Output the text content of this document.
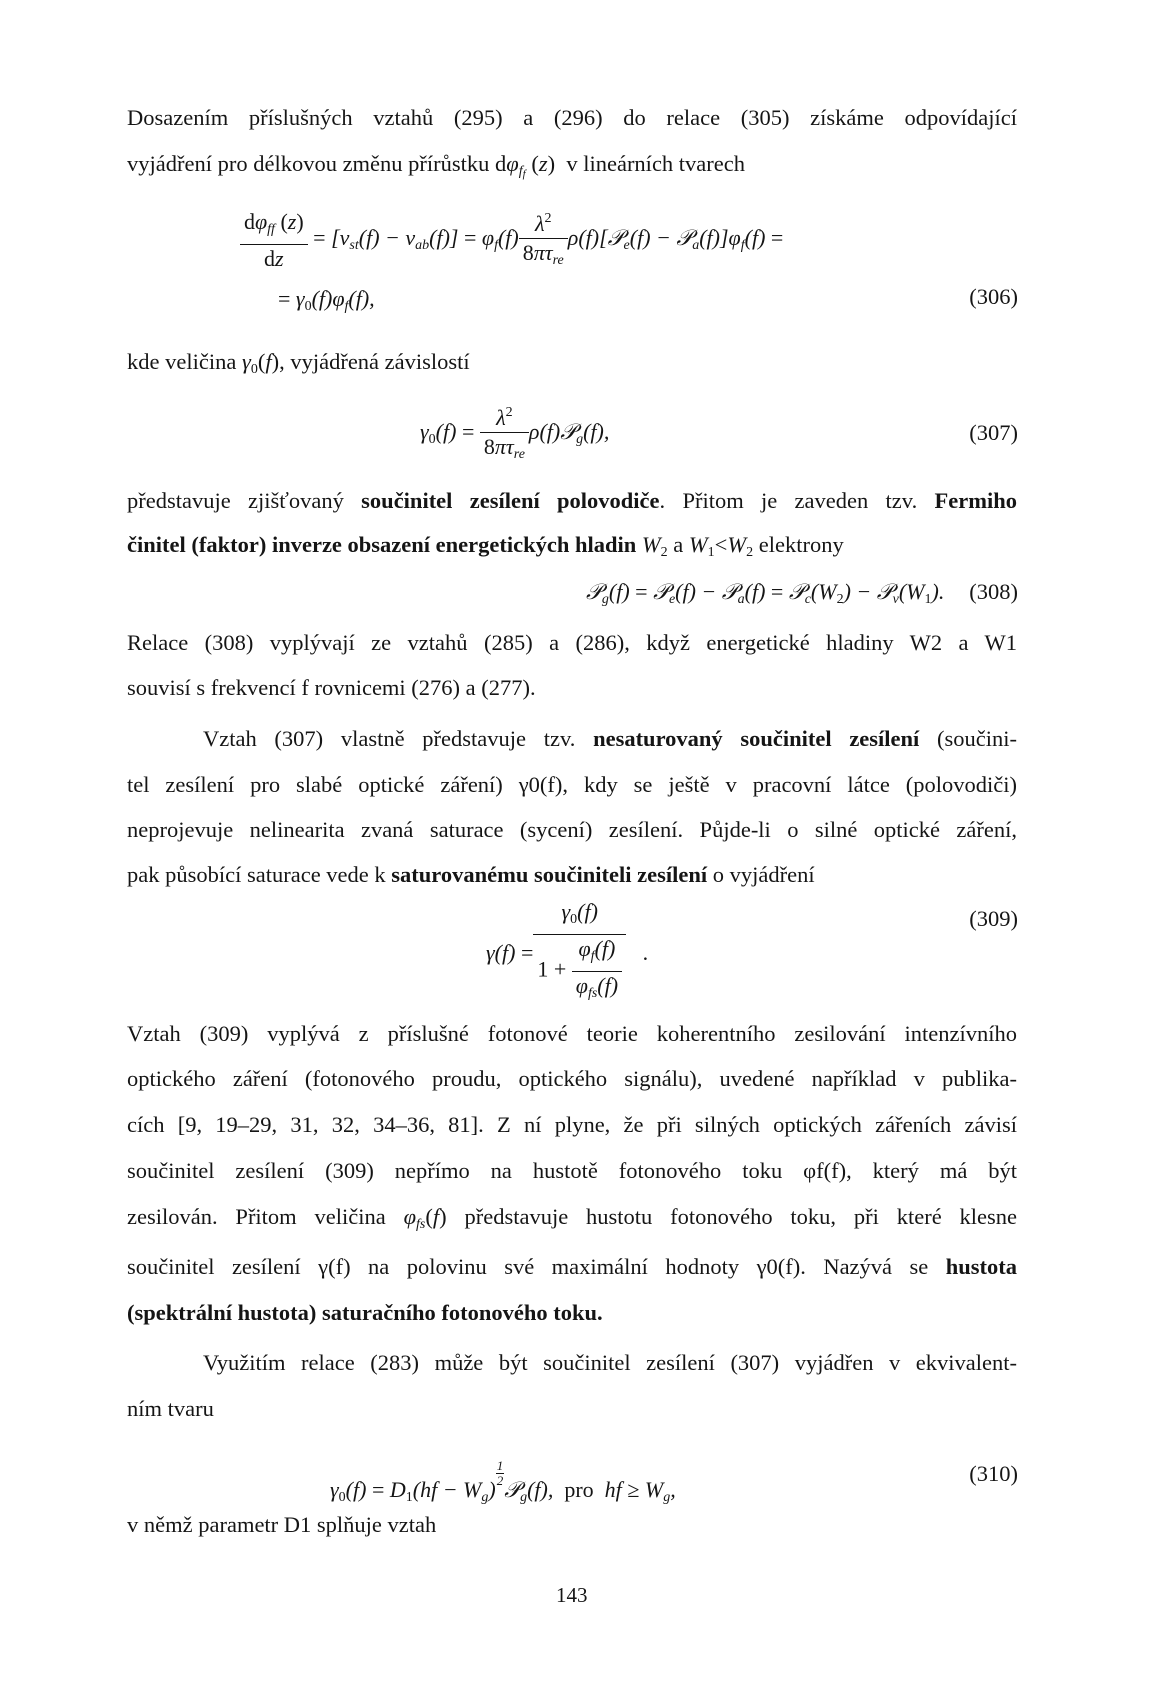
Dosazením příslušných vztahů (295) a (296) do relace (305) získáme odpovídající
vyjádření pro délkovou změnu přírůstku $d\varphi_{f_f}$ (z)  v lineárních tvarech
$\frac{d\varphi_{ff} (z)}{dz} = [v_{st}(f) - v_{ab}(f)] = \varphi_f(f) \frac{\lambda^2}{8\pi\tau_{re}}$ ρ(f)[𝒫$_e$(f) − $𝒫_a(f)]\varphi_f(f)$ =
= $\gamma_0(f)\varphi_f(f)$,	(306)
kde veličina $\gamma_0(f)$, vyjádřená závislostí
$\gamma_0(f) = \frac{\lambda^2}{8\pi\tau_{re}}$ ρ(f)𝒫$_g$(f),	(307)
představuje zjišťovaný součinitel zesílení polovodiče. Přitom je zaveden tzv. Fermiho
činitel (faktor) inverze obsazení energetických hladin $W_2$ a $W_1<W_2$ elektrony
𝒫$_g$(f) = 𝒫$_e$(f) − 𝒫$_a$(f) = $𝒫_c(W_2)$ − $𝒫_v(W_1)$.	(308)
Relace (308) vyplývají ze vztahů (285) a (286), když energetické hladiny W2 a W1
souvisí s frekvencí f rovnicemi (276) a (277).
Vztah (307) vlastně představuje tzv. nesaturovaný součinitel zesílení (součini-
tel zesílení pro slabé optické záření) γ0(f), kdy se ještě v pracovní látce (polovodiči)
neprojevuje nelinearita zvaná saturace (sycení) zesílení. Půjde-li o silné optické záření,
pak působící saturace vede k saturovanému součiniteli zesílení o vyjádření
$\gamma(f) = \frac{\gamma_0(f)}{1 + \frac{\varphi_f(f)}{\varphi_{fs}(f)}}$ .
(309)
Vztah (309) vyplývá z příslušné fotonové teorie koherentního zesilování intenzívního
optického záření (fotonového proudu, optického signálu), uvedené například v publika-
cích [9, 19–29, 31, 32, 34–36, 81]. Z ní plyne, že při silných optických zářeních závisí
součinitel zesílení (309) nepřímo na hustotě fotonového toku φf(f), který má být
zesilován. Přitom veličina $\varphi_{fs}(f)$ představuje hustotu fotonového toku, při které klesne
součinitel zesílení γ(f) na polovinu své maximální hodnoty γ0(f). Nazývá se hustota
(spektrální hustota) saturačního fotonového toku.
Využitím relace (283) může být součinitel zesílení (307) vyjádřen v ekvivalent-
ním tvaru
$\gamma_0(f) = D_1(hf - W_g)$
$\frac{1}{2}$
𝒫$_g$(f),  pro  hf ≥ $W_g$,
(310)
v němž parametr D1 splňuje vztah
143
